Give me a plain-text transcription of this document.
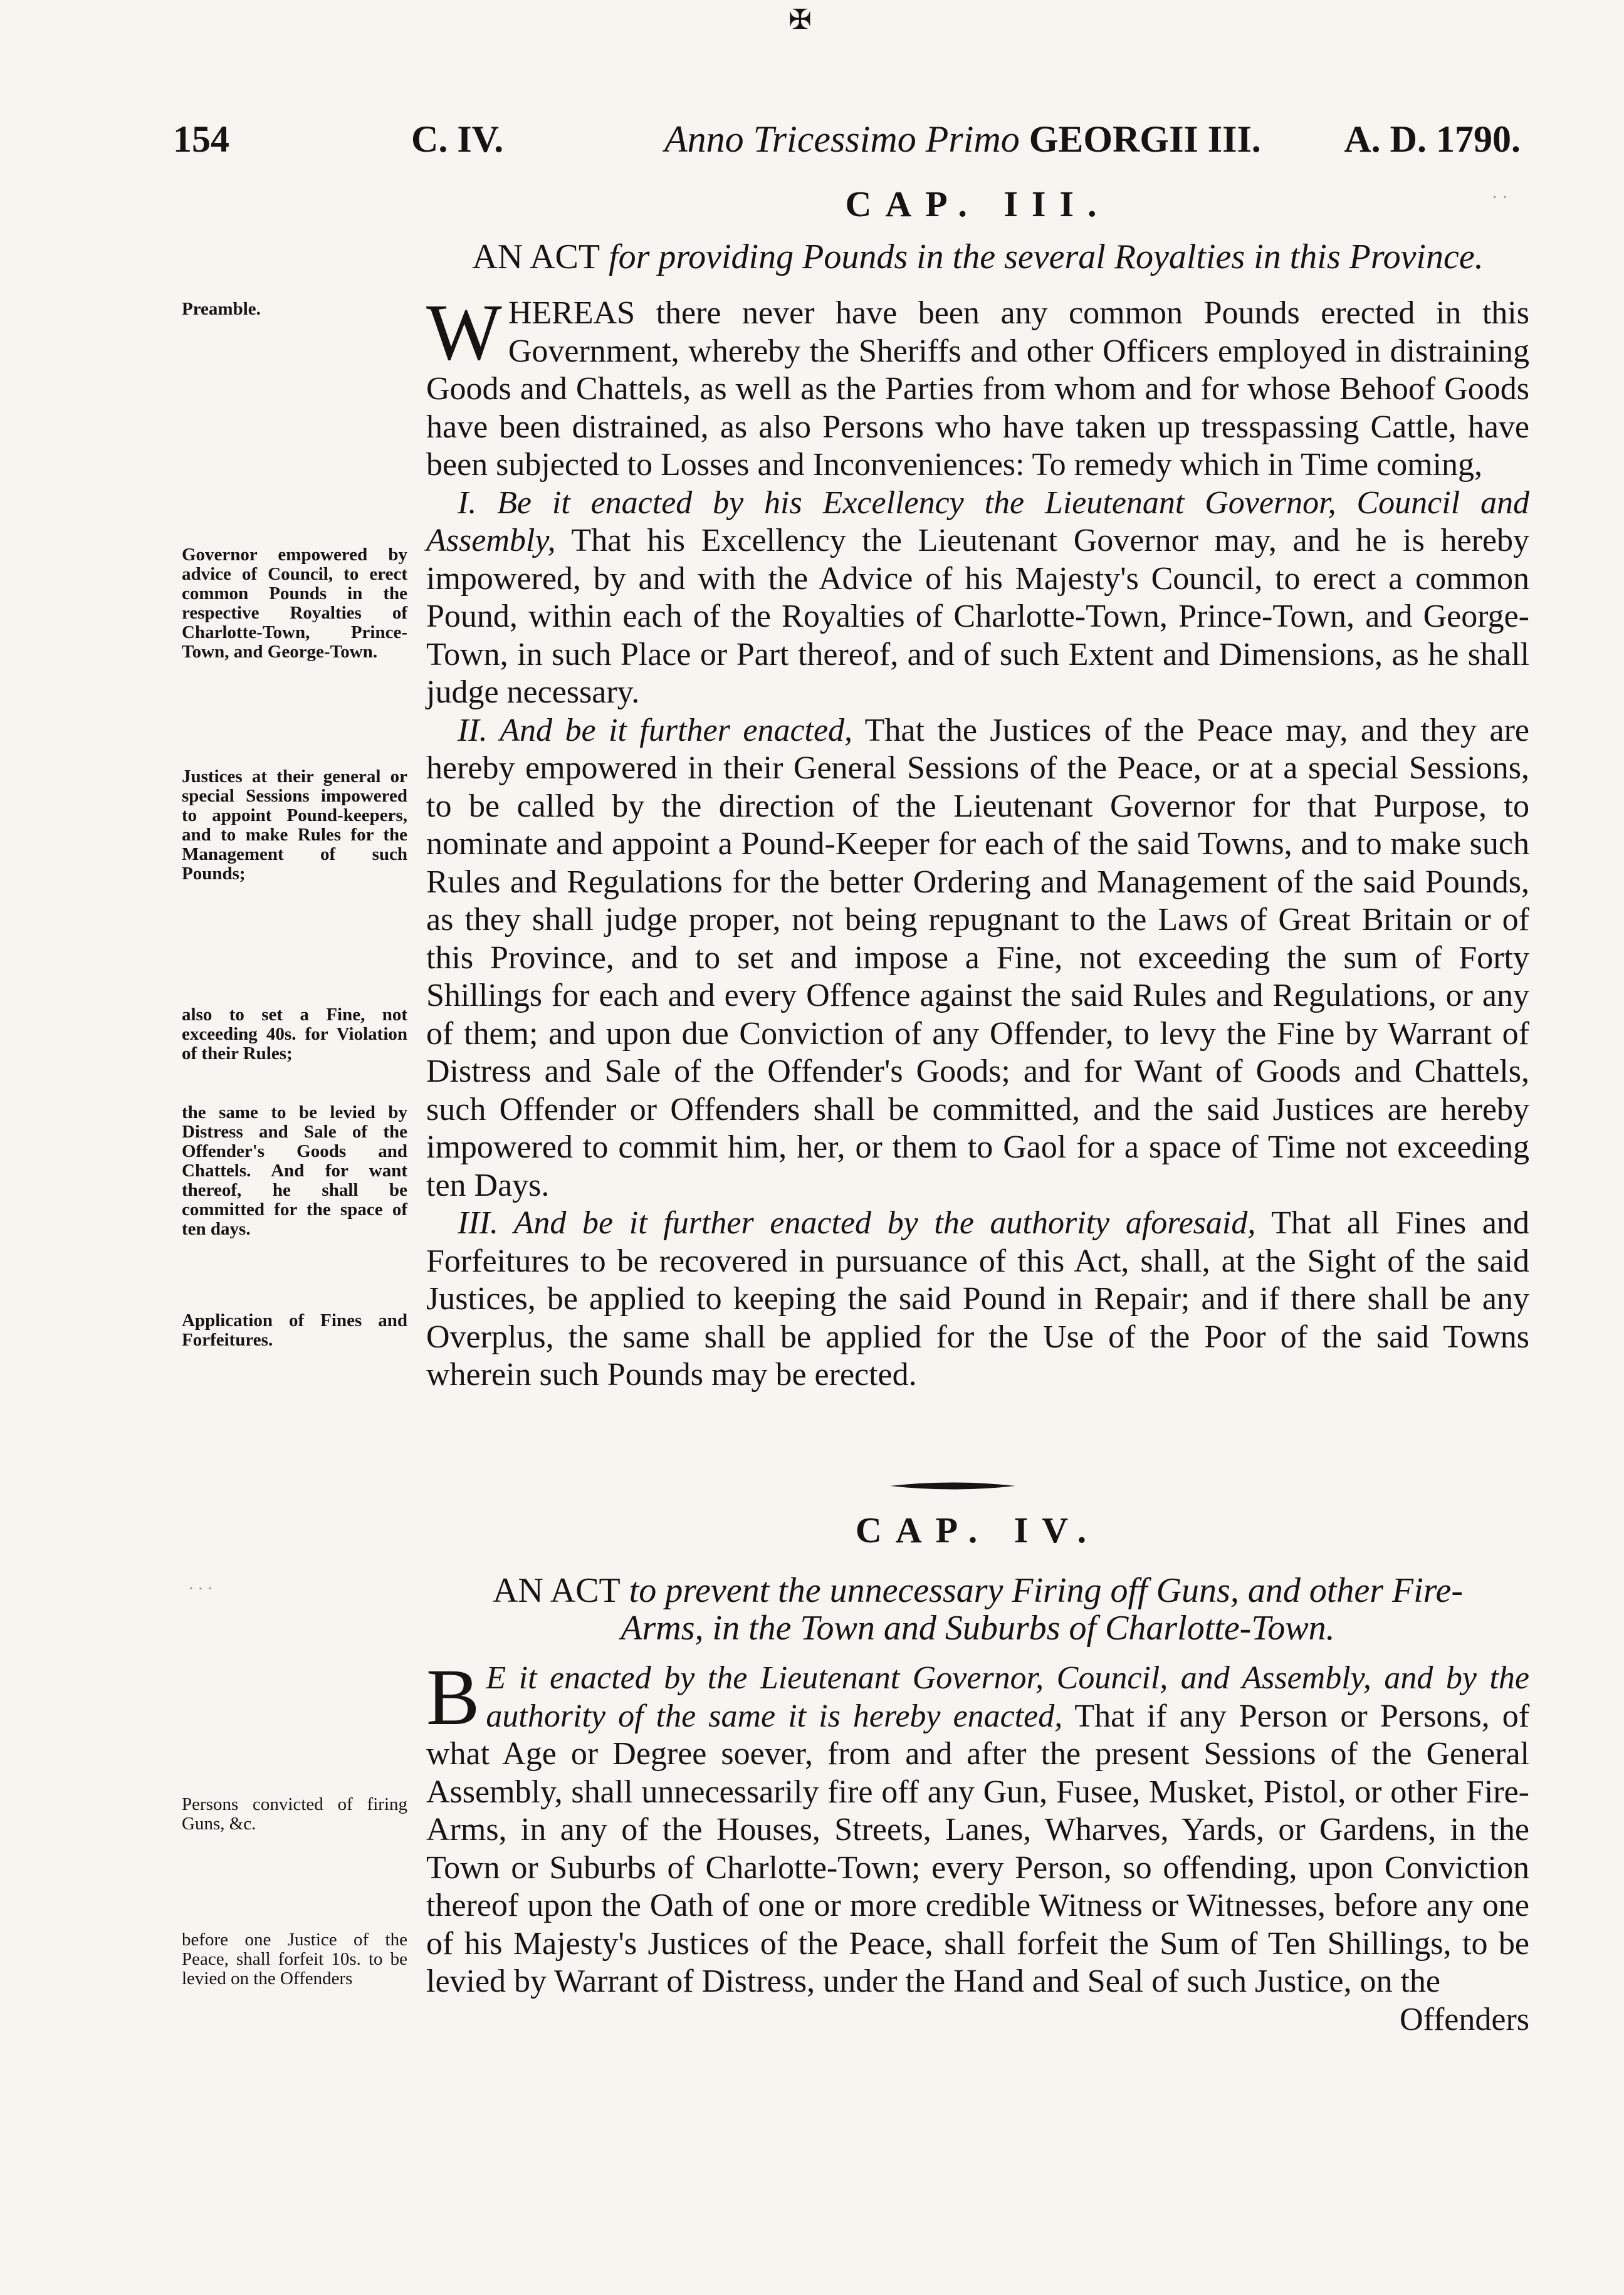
✠
154	C. IV.	Anno Tricessimo Primo GEORGII III. A. D. 1790.
CAP. III.
AN ACT for providing Pounds in the several Royalties in this Province.

WHEREAS there never have been any common Pounds erected in this Government, whereby the Sheriffs and other Officers employed in distraining Goods and Chattels, as well as the Parties from whom and for whose Behoof Goods have been distrained, as also Persons who have taken up tresspassing Cattle, have been subjected to Losses and Inconveniences: To remedy which in Time coming,

I. Be it enacted by his Excellency the Lieutenant Governor, Council and Assembly, That his Excellency the Lieutenant Governor may, and he is hereby impowered, by and with the Advice of his Majesty's Council, to erect a common Pound, within each of the Royalties of Charlotte-Town, Prince-Town, and George-Town, in such Place or Part thereof, and of such Extent and Dimensions, as he shall judge necessary.

II. And be it further enacted, That the Justices of the Peace may, and they are hereby empowered in their General Sessions of the Peace, or at a special Sessions, to be called by the direction of the Lieutenant Governor for that Purpose, to nominate and appoint a Pound-Keeper for each of the said Towns, and to make such Rules and Regulations for the better Ordering and Management of the said Pounds, as they shall judge proper, not being repugnant to the Laws of Great Britain or of this Province, and to set and impose a Fine, not exceeding the sum of Forty Shillings for each and every Offence against the said Rules and Regulations, or any of them; and upon due Conviction of any Offender, to levy the Fine by Warrant of Distress and Sale of the Offender's Goods; and for Want of Goods and Chattels, such Offender or Offenders shall be committed, and the said Justices are hereby impowered to commit him, her, or them to Gaol for a space of Time not exceeding ten Days.

III. And be it further enacted by the authority aforesaid, That all Fines and Forfeitures to be recovered in pursuance of this Act, shall, at the Sight of the said Justices, be applied to keeping the said Pound in Repair; and if there shall be any Overplus, the same shall be applied for the Use of the Poor of the said Towns wherein such Pounds may be erected.

CAP. IV.
AN ACT to prevent the unnecessary Firing off Guns, and other Fire-Arms, in the Town and Suburbs of Charlotte-Town.

B E it enacted by the Lieutenant Governor, Council, and Assembly, and by the authority of the same it is hereby enacted, That if any Person or Persons, of what Age or Degree soever, from and after the present Sessions of the General Assembly, shall unnecessarily fire off any Gun, Fusee, Musket, Pistol, or other Fire-Arms, in any of the Houses, Streets, Lanes, Wharves, Yards, or Gardens, in the Town or Suburbs of Charlotte-Town; every Person, so offending, upon Conviction thereof upon the Oath of one or more credible Witness or Witnesses, before any one of his Majesty's Justices of the Peace, shall forfeit the Sum of Ten Shillings, to be levied by Warrant of Distress, under the Hand and Seal of such Justice, on the

Offenders

Preamble.
Governor empowered by advice of Council, to erect common Pounds in the respective Royalties of Charlotte-Town, Prince-Town, and George-Town.
Justices at their general or special Sessions impowered to appoint Pound-keepers, and to make Rules for the Management of such Pounds;
also to set a Fine, not exceeding 40s. for Violation of their Rules;
the same to be levied by Distress and Sale of the Offender's Goods and Chattels. And for want thereof, he shall be committed for the space of ten days.
Application of Fines and Forfeitures.
Persons convicted of firing Guns, &c.
before one Justice of the Peace, shall forfeit 10s. to be levied on the Offenders
· ∙ ·
· ·
